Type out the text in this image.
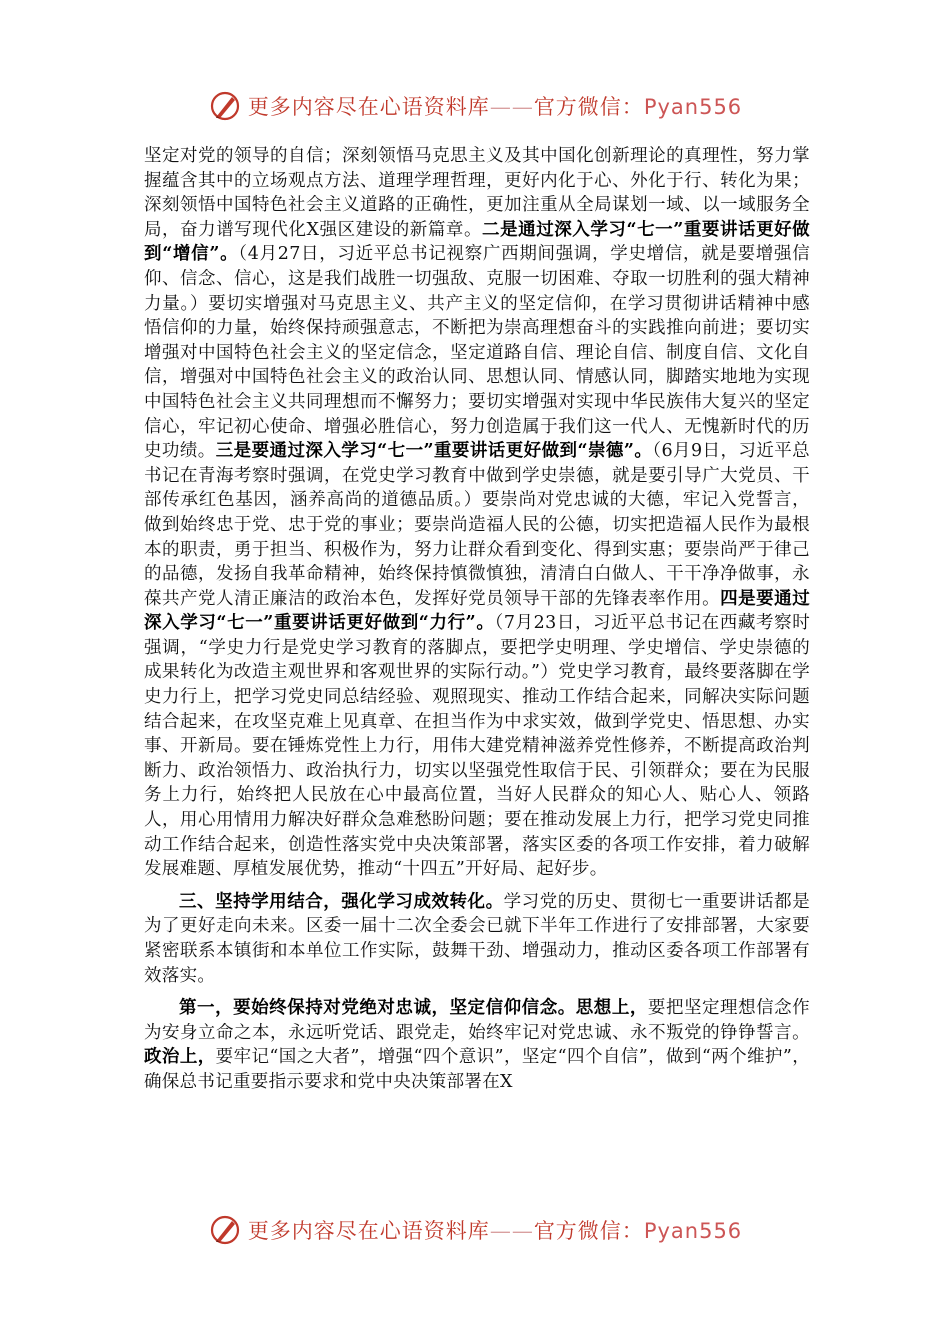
更多内容尽在心语资料库——官方微信：Pyan556

坚定对党的领导的自信；深刻领悟马克思主义及其中国化创新理论的真理性，努力掌握蕴含其中的立场观点方法、道理学理哲理，更好内化于心、外化于行、转化为果；深刻领悟中国特色社会主义道路的正确性，更加注重从全局谋划一域、以一域服务全局，奋力谱写现代化X强区建设的新篇章。二是通过深入学习“七一”重要讲话更好做到“增信”。（4月27日，习近平总书记视察广西期间强调，学史增信，就是要增强信仰、信念、信心，这是我们战胜一切强敌、克服一切困难、夺取一切胜利的强大精神力量。）要切实增强对马克思主义、共产主义的坚定信仰，在学习贯彻讲话精神中感悟信仰的力量，始终保持顽强意志，不断把为崇高理想奋斗的实践推向前进；要切实增强对中国特色社会主义的坚定信念，坚定道路自信、理论自信、制度自信、文化自信，增强对中国特色社会主义的政治认同、思想认同、情感认同，脚踏实地地为实现中国特色社会主义共同理想而不懈努力；要切实增强对实现中华民族伟大复兴的坚定信心，牢记初心使命、增强必胜信心，努力创造属于我们这一代人、无愧新时代的历史功绩。三是要通过深入学习“七一”重要讲话更好做到“崇德”。（6月9日，习近平总书记在青海考察时强调，在党史学习教育中做到学史崇德，就是要引导广大党员、干部传承红色基因，涵养高尚的道德品质。）要崇尚对党忠诚的大德，牢记入党誓言，做到始终忠于党、忠于党的事业；要崇尚造福人民的公德，切实把造福人民作为最根本的职责，勇于担当、积极作为，努力让群众看到变化、得到实惠；要崇尚严于律己的品德，发扬自我革命精神，始终保持慎微慎独，清清白白做人、干干净净做事，永葆共产党人清正廉洁的政治本色，发挥好党员领导干部的先锋表率作用。四是要通过深入学习“七一”重要讲话更好做到“力行”。（7月23日，习近平总书记在西藏考察时强调，“学史力行是党史学习教育的落脚点，要把学史明理、学史增信、学史崇德的成果转化为改造主观世界和客观世界的实际行动。”）党史学习教育，最终要落脚在学史力行上，把学习党史同总结经验、观照现实、推动工作结合起来，同解决实际问题结合起来，在攻坚克难上见真章、在担当作为中求实效，做到学党史、悟思想、办实事、开新局。要在锤炼党性上力行，用伟大建党精神滋养党性修养，不断提高政治判断力、政治领悟力、政治执行力，切实以坚强党性取信于民、引领群众；要在为民服务上力行，始终把人民放在心中最高位置，当好人民群众的知心人、贴心人、领路人，用心用情用力解决好群众急难愁盼问题；要在推动发展上力行，把学习党史同推动工作结合起来，创造性落实党中央决策部署，落实区委的各项工作安排，着力破解发展难题、厚植发展优势，推动“十四五”开好局、起好步。

三、坚持学用结合，强化学习成效转化。学习党的历史、贯彻七一重要讲话都是为了更好走向未来。区委一届十二次全委会已就下半年工作进行了安排部署，大家要紧密联系本镇街和本单位工作实际，鼓舞干劲、增强动力，推动区委各项工作部署有效落实。

第一，要始终保持对党绝对忠诚，坚定信仰信念。思想上，要把坚定理想信念作为安身立命之本，永远听党话、跟党走，始终牢记对党忠诚、永不叛党的铮铮誓言。政治上，要牢记“国之大者”，增强“四个意识”，坚定“四个自信”，做到“两个维护”，确保总书记重要指示要求和党中央决策部署在X

更多内容尽在心语资料库——官方微信：Pyan556
